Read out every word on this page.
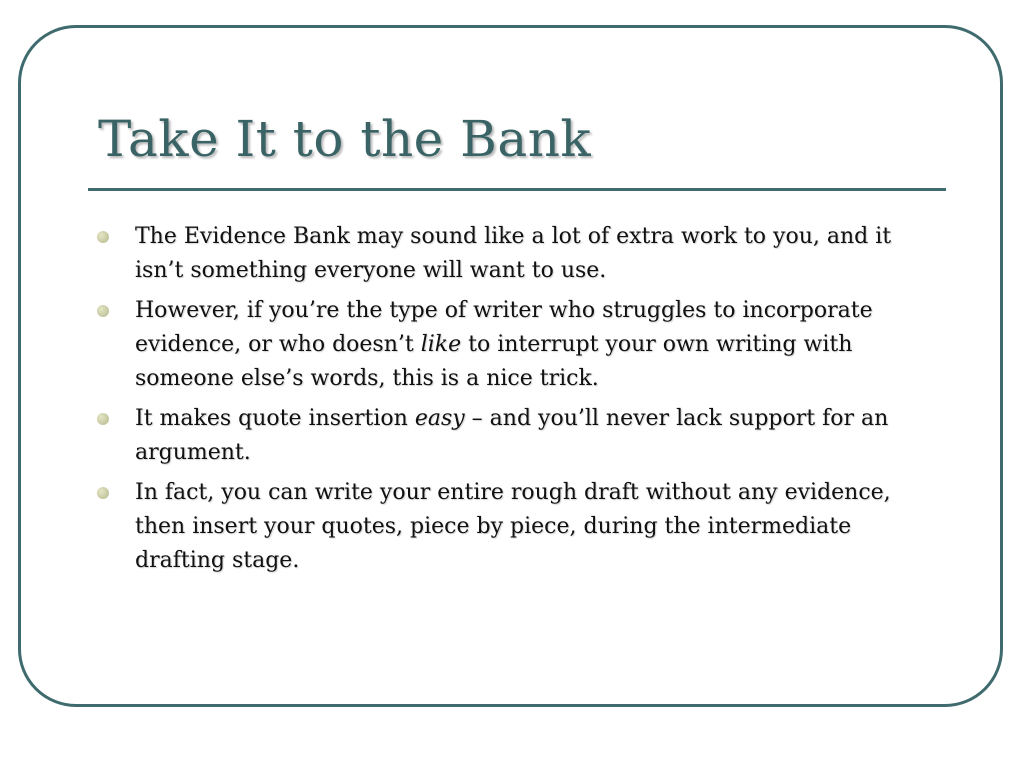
Take It to the Bank
The Evidence Bank may sound like a lot of extra work to you, and it isn’t something everyone will want to use.
However, if you’re the type of writer who struggles to incorporate evidence, or who doesn’t like to interrupt your own writing with someone else’s words, this is a nice trick.
It makes quote insertion easy – and you’ll never lack support for an argument.
In fact, you can write your entire rough draft without any evidence, then insert your quotes, piece by piece, during the intermediate drafting stage.
